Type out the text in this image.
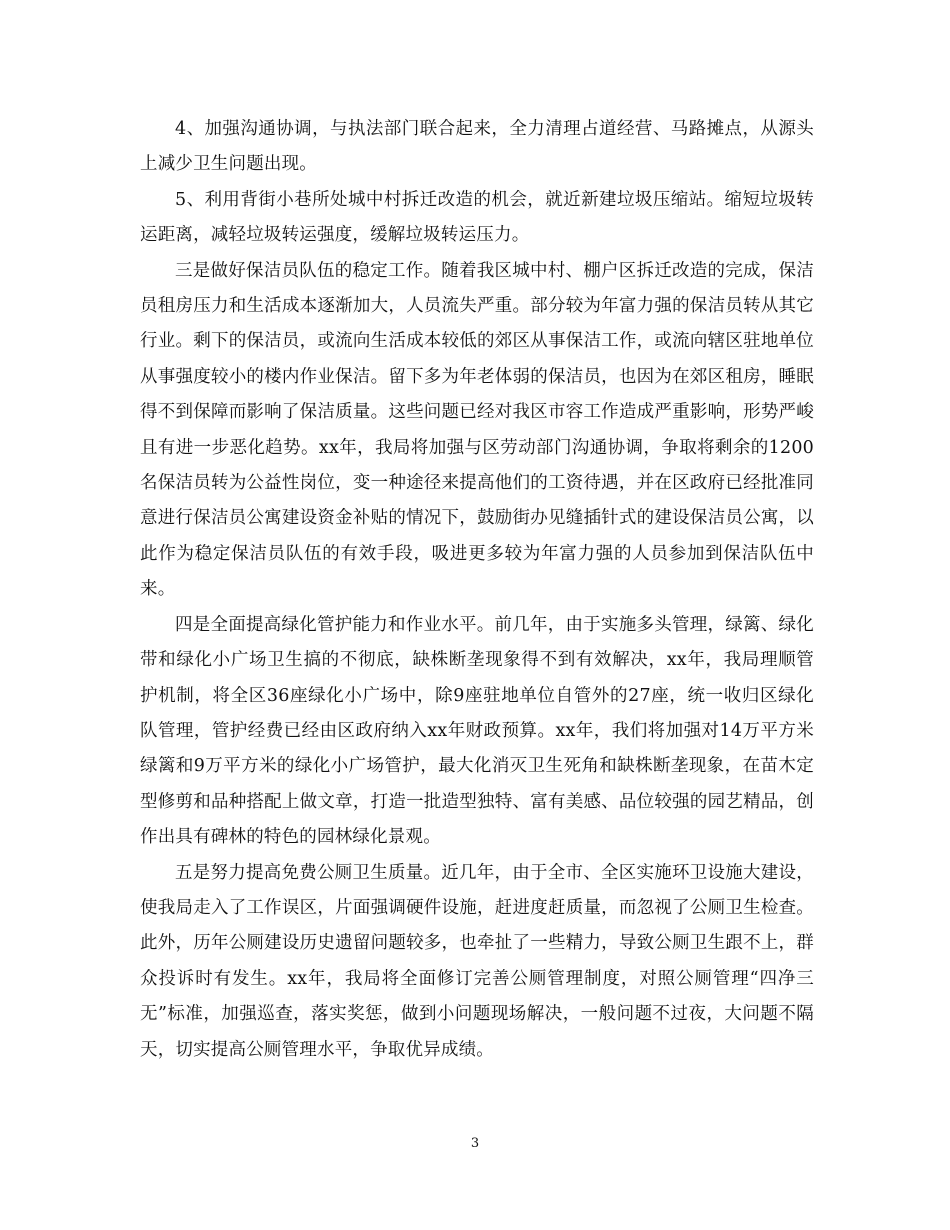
4、加强沟通协调，与执法部门联合起来，全力清理占道经营、马路摊点，从源头上减少卫生问题出现。

5、利用背街小巷所处城中村拆迁改造的机会，就近新建垃圾压缩站。缩短垃圾转运距离，减轻垃圾转运强度，缓解垃圾转运压力。

三是做好保洁员队伍的稳定工作。随着我区城中村、棚户区拆迁改造的完成，保洁员租房压力和生活成本逐渐加大，人员流失严重。部分较为年富力强的保洁员转从其它行业。剩下的保洁员，或流向生活成本较低的郊区从事保洁工作，或流向辖区驻地单位从事强度较小的楼内作业保洁。留下多为年老体弱的保洁员，也因为在郊区租房，睡眠得不到保障而影响了保洁质量。这些问题已经对我区市容工作造成严重影响，形势严峻且有进一步恶化趋势。xx年，我局将加强与区劳动部门沟通协调，争取将剩余的1200名保洁员转为公益性岗位，变一种途径来提高他们的工资待遇，并在区政府已经批准同意进行保洁员公寓建设资金补贴的情况下，鼓励街办见缝插针式的建设保洁员公寓，以此作为稳定保洁员队伍的有效手段，吸进更多较为年富力强的人员参加到保洁队伍中来。

四是全面提高绿化管护能力和作业水平。前几年，由于实施多头管理，绿篱、绿化带和绿化小广场卫生搞的不彻底，缺株断垄现象得不到有效解决，xx年，我局理顺管护机制，将全区36座绿化小广场中，除9座驻地单位自管外的27座，统一收归区绿化队管理，管护经费已经由区政府纳入xx年财政预算。xx年，我们将加强对14万平方米绿篱和9万平方米的绿化小广场管护，最大化消灭卫生死角和缺株断垄现象，在苗木定型修剪和品种搭配上做文章，打造一批造型独特、富有美感、品位较强的园艺精品，创作出具有碑林的特色的园林绿化景观。

五是努力提高免费公厕卫生质量。近几年，由于全市、全区实施环卫设施大建设，使我局走入了工作误区，片面强调硬件设施，赶进度赶质量，而忽视了公厕卫生检查。此外，历年公厕建设历史遗留问题较多，也牵扯了一些精力，导致公厕卫生跟不上，群众投诉时有发生。xx年，我局将全面修订完善公厕管理制度，对照公厕管理“四净三无”标准，加强巡查，落实奖惩，做到小问题现场解决，一般问题不过夜，大问题不隔天，切实提高公厕管理水平，争取优异成绩。

3
